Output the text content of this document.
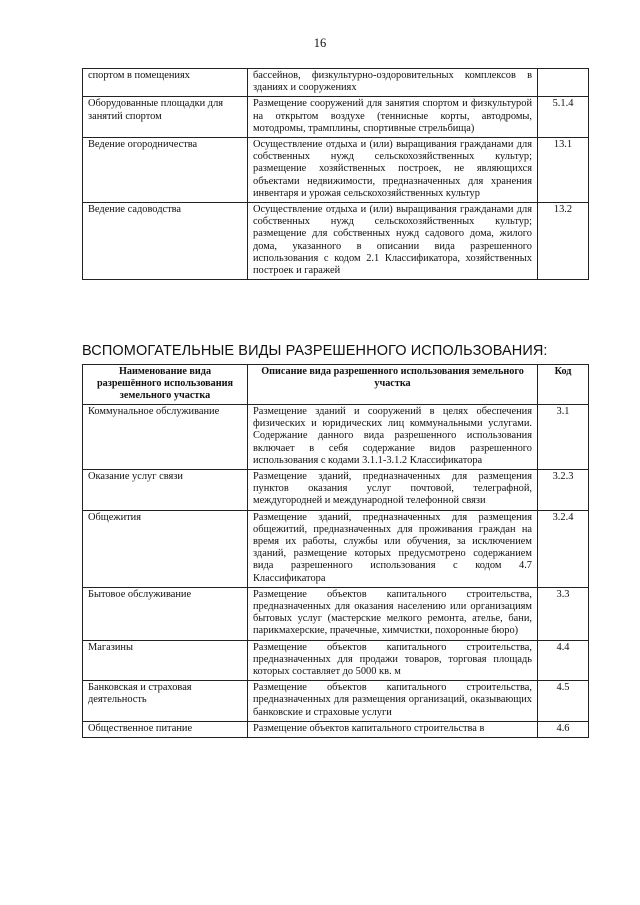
16
спортом в помещениях	бассейнов, физкультурно-оздоровительных комплексов в зданиях и сооружениях	
Оборудованные площадки для занятий спортом	Размещение сооружений для занятия спортом и физкультурой на открытом воздухе (теннисные корты, автодромы, мотодромы, трамплины, спортивные стрельбища)	5.1.4
Ведение огородничества	Осуществление отдыха и (или) выращивания гражданами для собственных нужд сельскохозяйственных культур; размещение хозяйственных построек, не являющихся объектами недвижимости, предназначенных для хранения инвентаря и урожая сельскохозяйственных культур	13.1
Ведение садоводства	Осуществление отдыха и (или) выращивания гражданами для собственных нужд сельскохозяйственных культур; размещение для собственных нужд садового дома, жилого дома, указанного в описании вида разрешенного использования с кодом 2.1 Классификатора, хозяйственных построек и гаражей	13.2
ВСПОМОГАТЕЛЬНЫЕ ВИДЫ РАЗРЕШЕННОГО ИСПОЛЬЗОВАНИЯ:
Наименование вида разрешённого использования земельного участка	Описание вида разрешенного использования земельного участка	Код
Коммунальное обслуживание	Размещение зданий и сооружений в целях обеспечения физических и юридических лиц коммунальными услугами. Содержание данного вида разрешенного использования включает в себя содержание видов разрешенного использования с кодами 3.1.1-3.1.2 Классификатора	3.1
Оказание услуг связи	Размещение зданий, предназначенных для размещения пунктов оказания услуг почтовой, телеграфной, междугородней и международной телефонной связи	3.2.3
Общежития	Размещение зданий, предназначенных для размещения общежитий, предназначенных для проживания граждан на время их работы, службы или обучения, за исключением зданий, размещение которых предусмотрено содержанием вида разрешенного использования с кодом 4.7 Классификатора	3.2.4
Бытовое обслуживание	Размещение объектов капитального строительства, предназначенных для оказания населению или организациям бытовых услуг (мастерские мелкого ремонта, ателье, бани, парикмахерские, прачечные, химчистки, похоронные бюро)	3.3
Магазины	Размещение объектов капитального строительства, предназначенных для продажи товаров, торговая площадь которых составляет до 5000 кв. м	4.4
Банковская и страховая деятельность	Размещение объектов капитального строительства, предназначенных для размещения организаций, оказывающих банковские и страховые услуги	4.5
Общественное питание	Размещение объектов капитального строительства в	4.6
